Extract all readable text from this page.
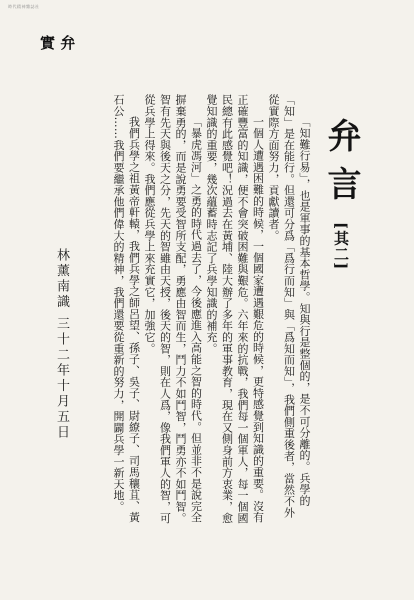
時代精神雜誌社
實 弁
弁言
[其二]

「知難行易」，也是軍事的基本哲學。知與行是整個的，是不可分離的。兵學的「知」是在能行。但還可分爲「爲行而知」與「爲知而知」，我們側重後者，當然不外從實際方面努力，貢獻讀者。

一個人遭遇困難的時候，一個國家遭遇艱危的時候，更特感覺到知識的重要。沒有正確豐富的知識，便不會突破困難與艱危。六年來的抗戰，我們每一個軍人，每一個國民總有此感覺吧！況過去在黃埔、陸大辦了多年的軍事教育，現在又側身前方衷業，愈覺知識的重要，幾次蘊蓄時志記了兵學知識的補充。

「暴虎馮河」之勇的時代過去了，今後應進入高能之智的時代。但並非不是說完全摒棄勇的，而是說勇要受智所支配，勇應由智而生，鬥力不如鬥智，鬥勇亦不如鬥智。智有先天與後天之分，先天的智雖由天授，後天的智，則在人爲，像我們軍人的智，可從兵學上得來。我們應從兵學上來充實它，加強它。

我們兵學之祖黃帝軒轅，我們兵學之師呂望、孫子、吳子、尉繚子、司馬穰苴、黃石公……我們要繼承他們偉大的精神，我們還要從重新的努力，開闢兵學一新天地。

林薰南識 三十二年十月五日
